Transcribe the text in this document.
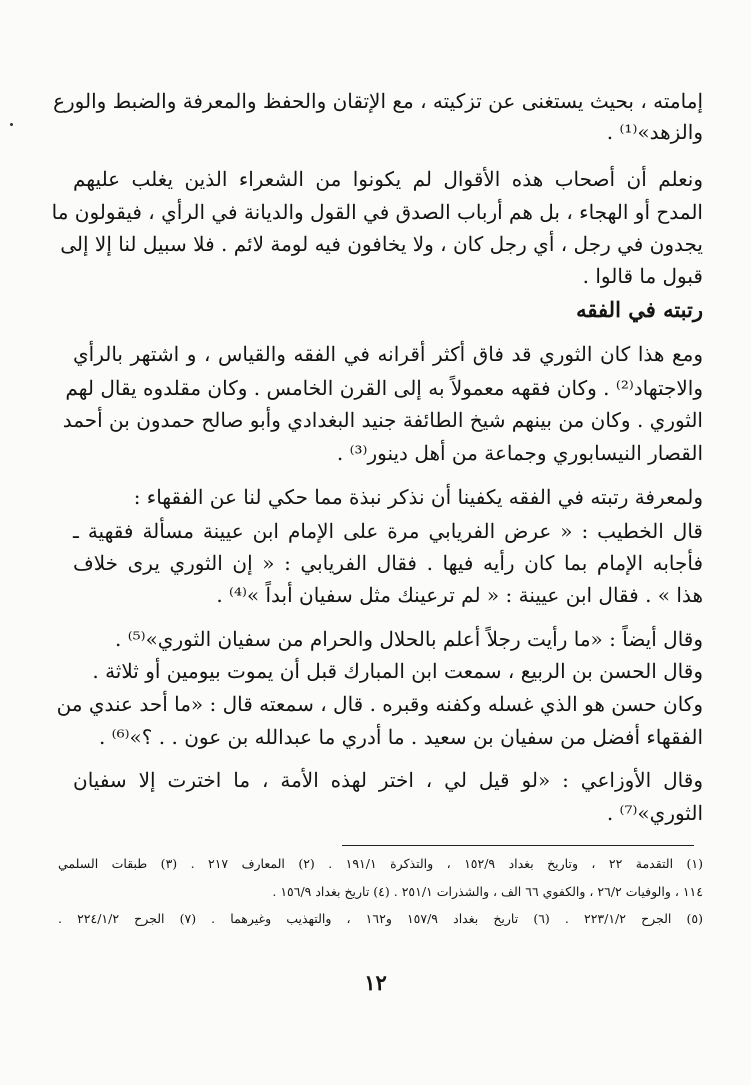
إمامته ، بحيث يستغنى عن تزكيته ، مع الإتقان والحفظ والمعرفة والضبط والورع
والزهد»⁽¹⁾ .
ونعلم أن أصحاب هذه الأقوال لم يكونوا من الشعراء الذين يغلب عليهم
المدح أو الهجاء ، بل هم أرباب الصدق في القول والديانة في الرأي ، فيقولون ما
يجدون في رجل ، أي رجل كان ، ولا يخافون فيه لومة لائم . فلا سبيل لنا إلا إلى
قبول ما قالوا .
رتبته في الفقه
ومع هذا كان الثوري قد فاق أكثر أقرانه في الفقه والقياس ، و اشتهر بالرأي
والاجتهاد⁽²⁾ . وكان فقهه معمولاً به إلى القرن الخامس . وكان مقلدوه يقال لهم
الثوري . وكان من بينهم شيخ الطائفة جنيد البغدادي وأبو صالح حمدون بن أحمد
القصار النيسابوري وجماعة من أهل دينور⁽³⁾ .
ولمعرفة رتبته في الفقه يكفينا أن نذكر نبذة مما حكي لنا عن الفقهاء :
قال الخطيب : « عرض الفريابي مرة على الإمام ابن عيينة مسألة فقهية ـ
فأجابه الإمام بما كان رأيه فيها . فقال الفريابي : « إن الثوري يرى خلاف
هذا » . فقال ابن عيينة : « لم ترعينك مثل سفيان أبداً »⁽⁴⁾ .
وقال أيضاً : «ما رأيت رجلاً أعلم بالحلال والحرام من سفيان الثوري»⁽⁵⁾ .
وقال الحسن بن الربيع ، سمعت ابن المبارك قبل أن يموت بيومين أو ثلاثة .
وكان حسن هو الذي غسله وكفنه وقبره . قال ، سمعته قال : «ما أحد عندي من
الفقهاء أفضل من سفيان بن سعيد . ما أدري ما عبدالله بن عون . . ؟»⁽⁶⁾ .
وقال الأوزاعي : «لو قيل لي ، اختر لهذه الأمة ، ما اخترت إلا سفيان
الثوري»⁽⁷⁾ .
(١) التقدمة ٢٢ ، وتاريخ بغداد ١٥٢/٩ ، والتذكرة ١٩١/١ . (٢) المعارف ٢١٧ . (٣) طبقات السلمي
١١٤ ، والوفيات ٢٦/٢ ، والكفوي ٦٦ الف ، والشذرات ٢٥١/١ . (٤) تاريخ بغداد ١٥٦/٩ .
(٥) الجرح ٢٢٣/١/٢ . (٦) تاريخ بغداد ١٥٧/٩ و١٦٢ ، والتهذيب وغيرهما . (٧) الجرح ٢٢٤/١/٢ .
١٢
